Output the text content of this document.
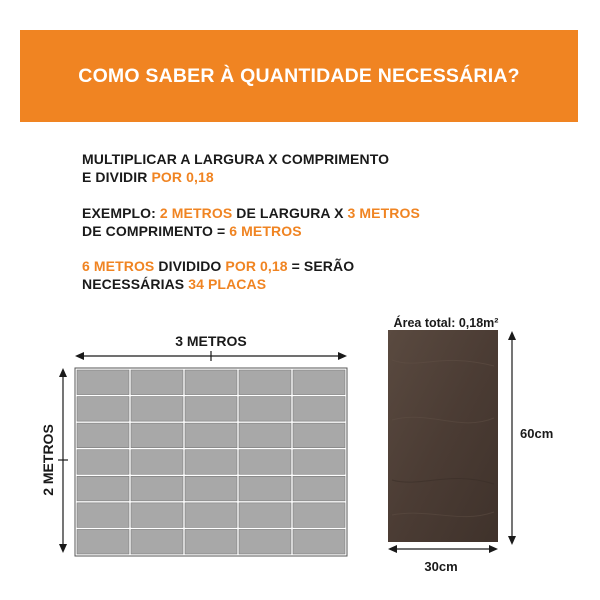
COMO SABER À QUANTIDADE NECESSÁRIA?
MULTIPLICAR A LARGURA X COMPRIMENTO
E DIVIDIR POR 0,18
EXEMPLO: 2 METROS DE LARGURA X 3 METROS
DE COMPRIMENTO = 6 METROS
6 METROS DIVIDIDO POR 0,18 = SERÃO
NECESSÁRIAS 34 PLACAS
3 METROS
2 METROS
Área total: 0,18m²
60cm
30cm
